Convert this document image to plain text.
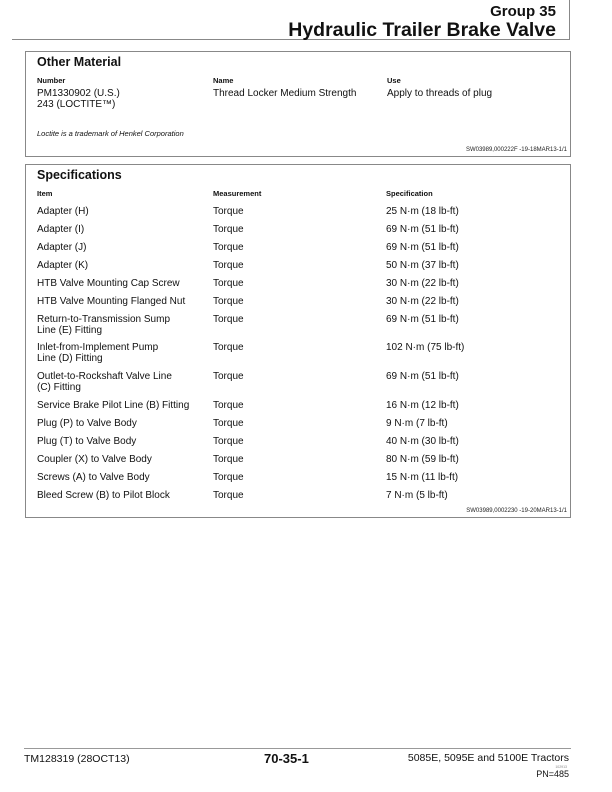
Group 35
Hydraulic Trailer Brake Valve
Other Material
Number	Name	Use
PM1330902 (U.S.)
243 (LOCTITE™)
Thread Locker Medium Strength	Apply to threads of plug
Loctite is a trademark of Henkel Corporation
SW03989,000222F -19-18MAR13-1/1
Specifications
Item	Measurement	Specification
Adapter (H)	Torque	25 N·m (18 lb-ft)
Adapter (I)	Torque	69 N·m (51 lb-ft)
Adapter (J)	Torque	69 N·m (51 lb-ft)
Adapter (K)	Torque	50 N·m (37 lb-ft)
HTB Valve Mounting Cap Screw	Torque	30 N·m (22 lb-ft)
HTB Valve Mounting Flanged Nut	Torque	30 N·m (22 lb-ft)
Return-to-Transmission Sump
Line (E) Fitting
Torque	69 N·m (51 lb-ft)
Inlet-from-Implement Pump
Line (D) Fitting
Torque	102 N·m (75 lb-ft)
Outlet-to-Rockshaft Valve Line
(C) Fitting
Torque	69 N·m (51 lb-ft)
Service Brake Pilot Line (B) Fitting Torque	16 N·m (12 lb-ft)
Plug (P) to Valve Body	Torque	9 N·m (7 lb-ft)
Plug (T) to Valve Body	Torque	40 N·m (30 lb-ft)
Coupler (X) to Valve Body	Torque	80 N·m (59 lb-ft)
Screws (A) to Valve Body	Torque	15 N·m (11 lb-ft)
Bleed Screw (B) to Pilot Block	Torque	7 N·m (5 lb-ft)
SW03989,0002230 -19-20MAR13-1/1
TM128319 (28OCT13)	70-35-1	5085E, 5095E and 5100E Tractors
102913
PN=485
